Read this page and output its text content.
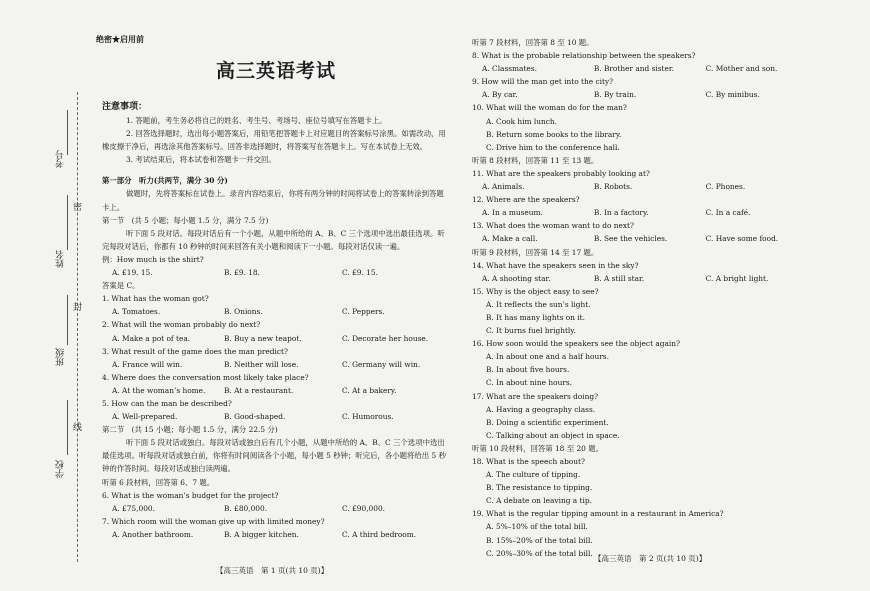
考号
姓名
班级
学校
密
封
线
绝密★启用前
高三英语考试
注意事项：
1. 答题前，考生务必将自己的姓名、考生号、考场号、座位号填写在答题卡上。
2. 回答选择题时，选出每小题答案后，用铅笔把答题卡上对应题目的答案标号涂黑。如需改动，用橡皮擦干净后，再选涂其他答案标号。回答非选择题时，将答案写在答题卡上。写在本试卷上无效。
3. 考试结束后，将本试卷和答题卡一并交回。
第一部分　听力(共两节，满分 30 分)
做题时，先将答案标在试卷上。录音内容结束后，你将有两分钟的时间将试卷上的答案转涂到答题卡上。
第一节　(共 5 小题；每小题 1.5 分，满分 7.5 分)
听下面 5 段对话。每段对话后有一个小题，从题中所给的 A、B、C 三个选项中选出最佳选项。听完每段对话后，你都有 10 秒钟的时间来回答有关小题和阅读下一小题。每段对话仅读一遍。
例：How much is the shirt?
A. £19. 15.	B. £9. 18.	C. £9. 15.
答案是 C。
1. What has the woman got?
A. Tomatoes.	B. Onions.	C. Peppers.
2. What will the woman probably do next?
A. Make a pot of tea.	B. Buy a new teapot.	C. Decorate her house.
3. What result of the game does the man predict?
A. France will win.	B. Neither will lose.	C. Germany will win.
4. Where does the conversation most likely take place?
A. At the woman’s home.	B. At a restaurant.	C. At a bakery.
5. How can the man be described?
A. Well-prepared.	B. Good-shaped.	C. Humorous.
第二节　(共 15 小题；每小题 1.5 分，满分 22.5 分)
听下面 5 段对话或独白。每段对话或独白后有几个小题，从题中所给的 A、B、C 三个选项中选出最佳选项。听每段对话或独白前，你将有时间阅读各个小题，每小题 5 秒钟；听完后，各小题将给出 5 秒钟的作答时间。每段对话或独白读两遍。
听第 6 段材料，回答第 6、7 题。
6. What is the woman’s budget for the project?
A. £75,000.	B. £80,000.	C. £90,000.
7. Which room will the woman give up with limited money?
A. Another bathroom.	B. A bigger kitchen.	C. A third bedroom.
【高三英语　第 1 页(共 10 页)】
听第 7 段材料，回答第 8 至 10 题。
8. What is the probable relationship between the speakers?
A. Classmates.	B. Brother and sister.	C. Mother and son.
9. How will the man get into the city?
A. By car.	B. By train.	C. By minibus.
10. What will the woman do for the man?
A. Cook him lunch.
B. Return some books to the library.
C. Drive him to the conference hall.
听第 8 段材料，回答第 11 至 13 题。
11. What are the speakers probably looking at?
A. Animals.	B. Robots.	C. Phones.
12. Where are the speakers?
A. In a museum.	B. In a factory.	C. In a café.
13. What does the woman want to do next?
A. Make a call.	B. See the vehicles.	C. Have some food.
听第 9 段材料，回答第 14 至 17 题。
14. What have the speakers seen in the sky?
A. A shooting star.	B. A still star.	C. A bright light.
15. Why is the object easy to see?
A. It reflects the sun’s light.
B. It has many lights on it.
C. It burns fuel brightly.
16. How soon would the speakers see the object again?
A. In about one and a half hours.
B. In about five hours.
C. In about nine hours.
17. What are the speakers doing?
A. Having a geography class.
B. Doing a scientific experiment.
C. Talking about an object in space.
听第 10 段材料，回答第 18 至 20 题。
18. What is the speech about?
A. The culture of tipping.
B. The resistance to tipping.
C. A debate on leaving a tip.
19. What is the regular tipping amount in a restaurant in America?
A. 5%–10% of the total bill.
B. 15%–20% of the total bill.
C. 20%–30% of the total bill.
【高三英语　第 2 页(共 10 页)】
